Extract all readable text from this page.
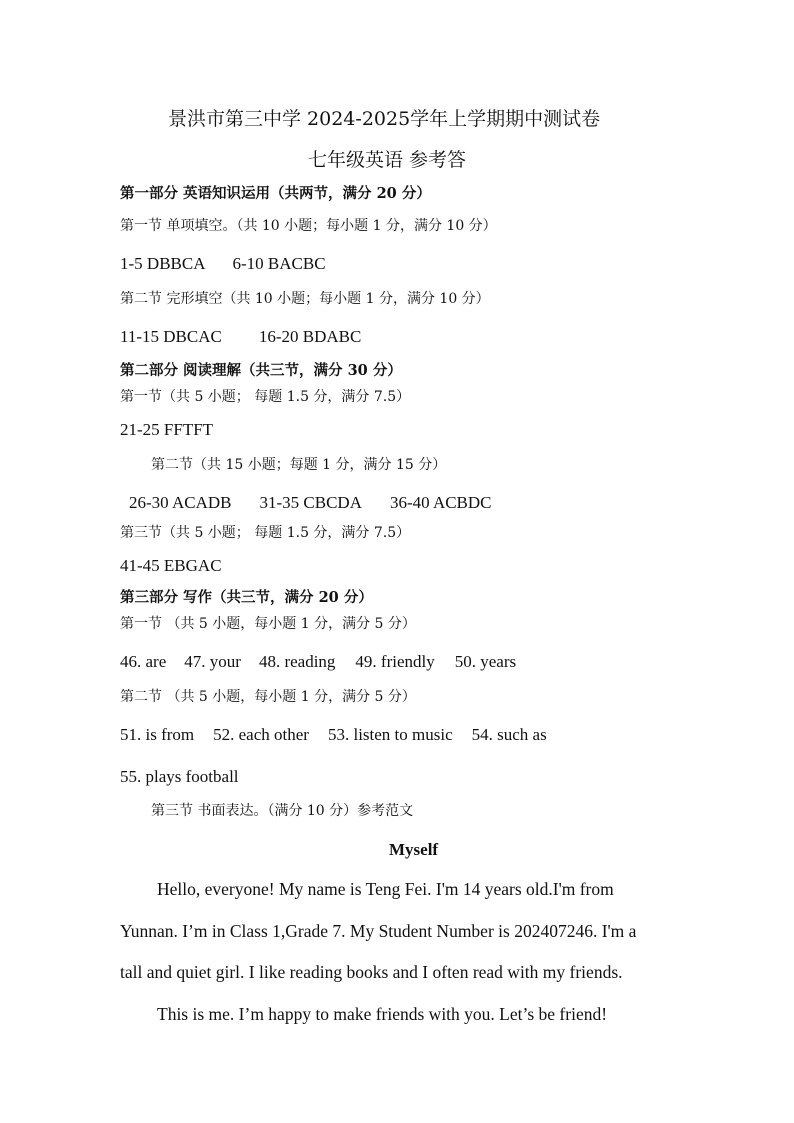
景洪市第三中学 2024-2025学年上学期期中测试卷
七年级英语 参考答
第一部分 英语知识运用（共两节，满分 20 分）
第一节 单项填空。（共 10 小题；每小题 1 分，满分 10 分）
1-5 DBBCA 6-10 BACBC
第二节 完形填空（共 10 小题；每小题 1 分，满分 10 分）
11-15 DBCAC 16-20 BDABC
第二部分 阅读理解（共三节，满分 30 分）
第一节（共 5 小题； 每题 1.5 分，满分 7.5）
21-25 FFTFT
第二节（共 15 小题；每题 1 分，满分 15 分）
26-30 ACADB 31-35 CBCDA 36-40 ACBDC
第三节（共 5 小题； 每题 1.5 分，满分 7.5）
41-45 EBGAC
第三部分 写作（共三节，满分 20 分）
第一节 （共 5 小题，每小题 1 分，满分 5 分）
46. are 47. your 48. reading 49. friendly 50. years
第二节 （共 5 小题，每小题 1 分，满分 5 分）
51. is from 52. each other 53. listen to music 54. such as
55. plays football
第三节 书面表达。（满分 10 分）参考范文
Myself
Hello, everyone! My name is Teng Fei. I'm 14 years old.I'm from
Yunnan. I’m in Class 1,Grade 7. My Student Number is 202407246. I'm a
tall and quiet girl. I like reading books and I often read with my friends.
This is me. I’m happy to make friends with you. Let’s be friend!
